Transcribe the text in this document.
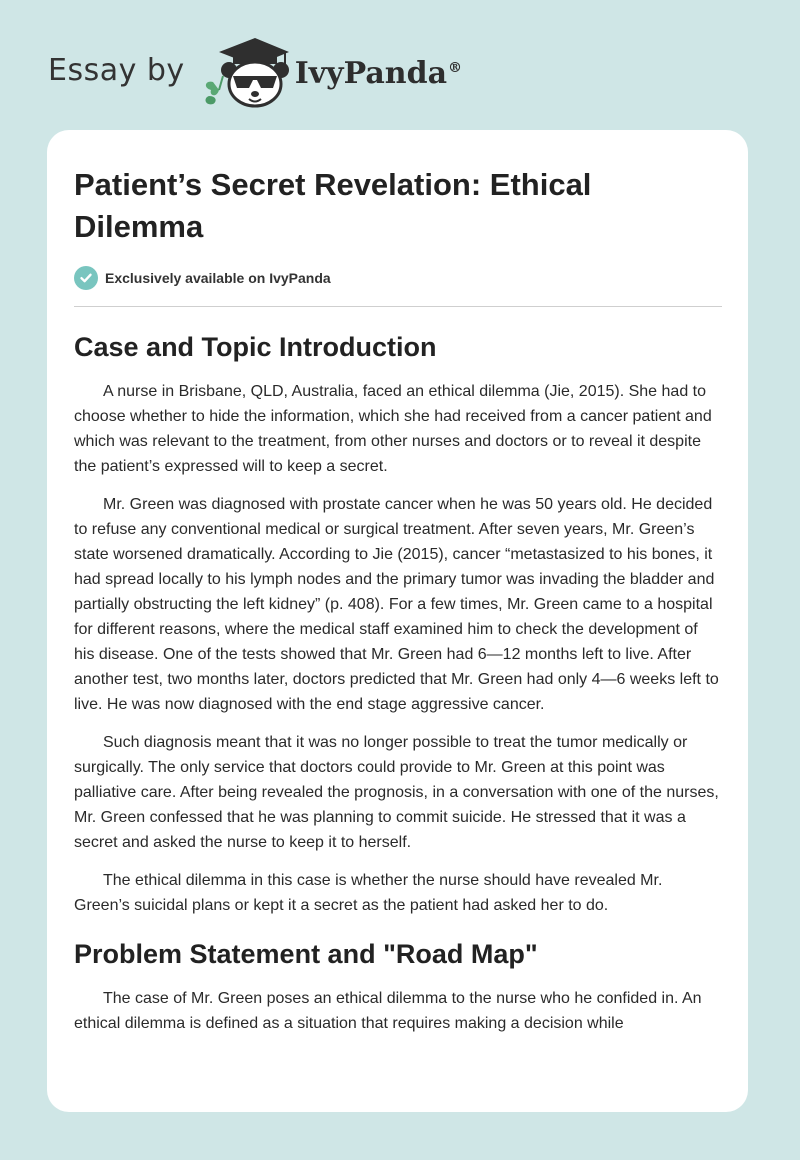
Essay by	IvyPanda®
Patient’s Secret Revelation: Ethical Dilemma
Exclusively available on IvyPanda
Case and Topic Introduction

A nurse in Brisbane, QLD, Australia, faced an ethical dilemma (Jie, 2015). She had to choose whether to hide the information, which she had received from a cancer patient and which was relevant to the treatment, from other nurses and doctors or to reveal it despite the patient’s expressed will to keep a secret.

Mr. Green was diagnosed with prostate cancer when he was 50 years old. He decided to refuse any conventional medical or surgical treatment. After seven years, Mr. Green’s state worsened dramatically. According to Jie (2015), cancer “metastasized to his bones, it had spread locally to his lymph nodes and the primary tumor was invading the bladder and partially obstructing the left kidney” (p. 408). For a few times, Mr. Green came to a hospital for different reasons, where the medical staff examined him to check the development of his disease. One of the tests showed that Mr. Green had 6—12 months left to live. After another test, two months later, doctors predicted that Mr. Green had only 4—6 weeks left to live. He was now diagnosed with the end stage aggressive cancer.

Such diagnosis meant that it was no longer possible to treat the tumor medically or surgically. The only service that doctors could provide to Mr. Green at this point was palliative care. After being revealed the prognosis, in a conversation with one of the nurses, Mr. Green confessed that he was planning to commit suicide. He stressed that it was a secret and asked the nurse to keep it to herself.

The ethical dilemma in this case is whether the nurse should have revealed Mr. Green’s suicidal plans or kept it a secret as the patient had asked her to do.

Problem Statement and "Road Map"

The case of Mr. Green poses an ethical dilemma to the nurse who he confided in. An ethical dilemma is defined as a situation that requires making a decision while
